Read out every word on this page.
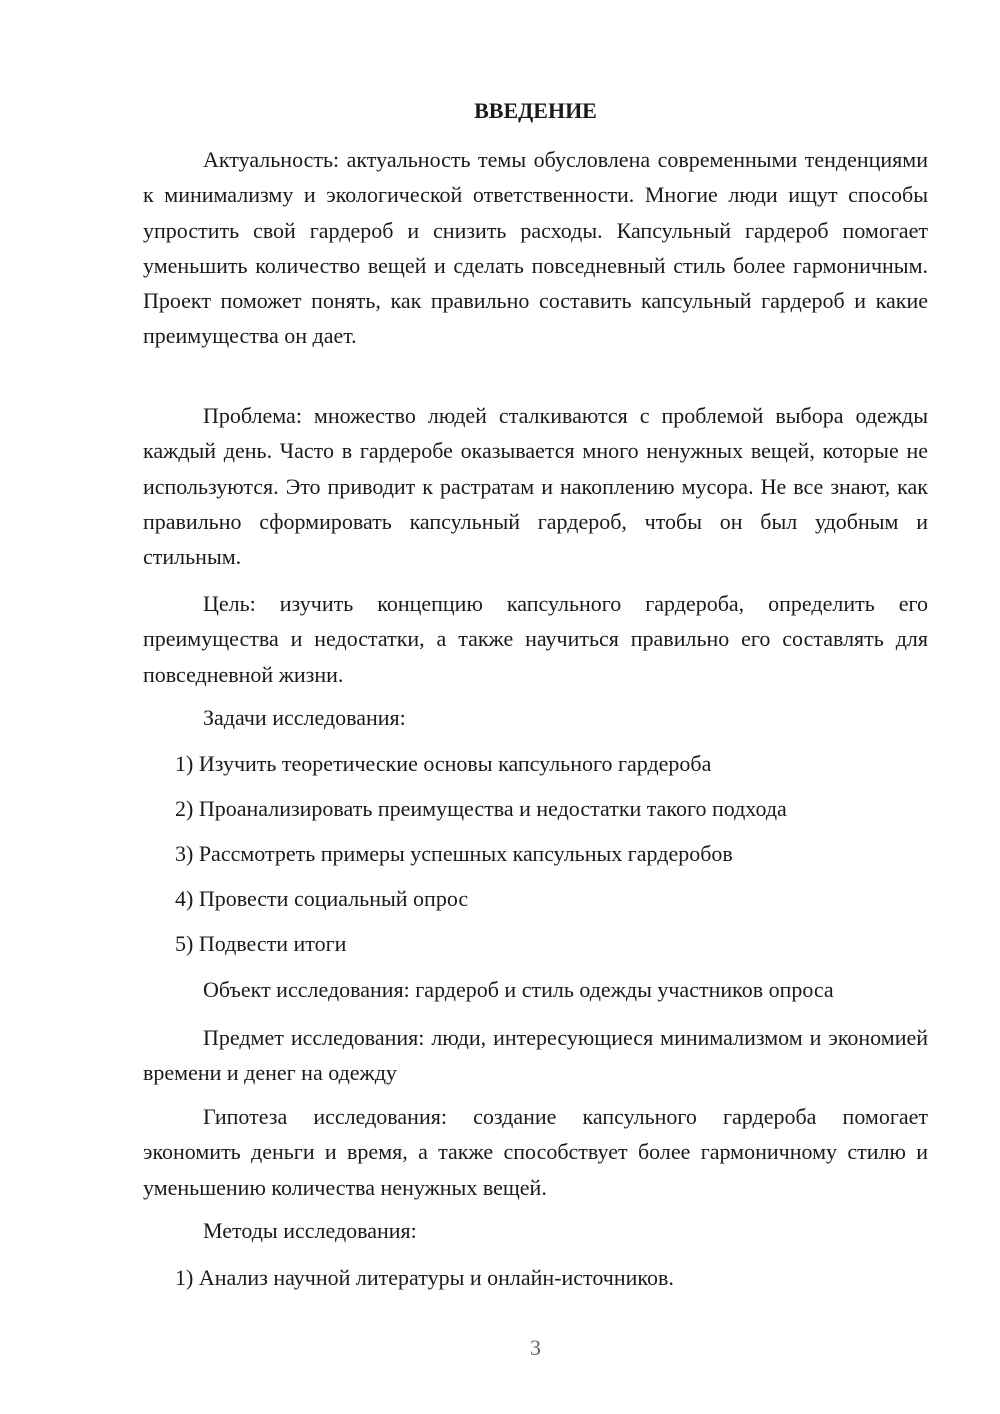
ВВЕДЕНИЕ

Актуальность: актуальность темы обусловлена современными тенденциями к минимализму и экологической ответственности. Многие люди ищут способы упростить свой гардероб и снизить расходы. Капсульный гардероб помогает уменьшить количество вещей и сделать повседневный стиль более гармоничным. Проект поможет понять, как правильно составить капсульный гардероб и какие преимущества он дает.

Проблема: множество людей сталкиваются с проблемой выбора одежды каждый день. Часто в гардеробе оказывается много ненужных вещей, которые не используются. Это приводит к растратам и накоплению мусора. Не все знают, как правильно сформировать капсульный гардероб, чтобы он был удобным и стильным.

Цель: изучить концепцию капсульного гардероба, определить его преимущества и недостатки, а также научиться правильно его составлять для повседневной жизни.

Задачи исследования:

1) Изучить теоретические основы капсульного гардероба

2) Проанализировать преимущества и недостатки такого подхода

3) Рассмотреть примеры успешных капсульных гардеробов

4) Провести социальный опрос

5) Подвести итоги

Объект исследования: гардероб и стиль одежды участников опроса

Предмет исследования: люди, интересующиеся минимализмом и экономией времени и денег на одежду

Гипотеза исследования: создание капсульного гардероба помогает экономить деньги и время, а также способствует более гармоничному стилю и уменьшению количества ненужных вещей.

Методы исследования:

1) Анализ научной литературы и онлайн-источников.

3
